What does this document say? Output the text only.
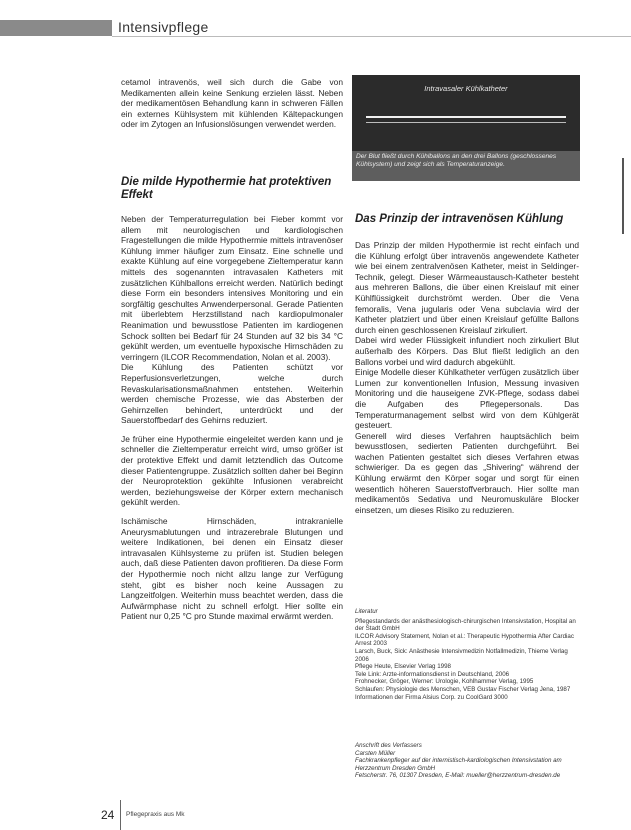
Intensivpflege

cetamol intravenös, weil sich durch die Gabe von Medikamenten allein keine Senkung erzielen lässt. Neben der medikamentösen Behandlung kann in schweren Fällen ein externes Kühlsystem mit kühlenden Kältepackungen oder im Zytogen an Infusionslösungen verwendet werden.

Die milde Hypothermie hat protektiven Effekt

Neben der Temperaturregulation bei Fieber kommt vor allem mit neurologischen und kardiologischen Fragestellungen die milde Hypothermie mittels intravenöser Kühlung immer häufiger zum Einsatz. Eine schnelle und exakte Kühlung auf eine vorgegebene Zieltemperatur kann mittels des sogenannten intravasalen Katheters mit zusätzlichen Kühlballons erreicht werden. Natürlich bedingt diese Form ein besonders intensives Monitoring und ein sorgfältig geschultes Anwenderpersonal. Gerade Patienten mit überlebtem Herzstillstand nach kardiopulmonaler Reanimation und bewusstlose Patienten im kardiogenen Schock sollten bei Bedarf für 24 Stunden auf 32 bis 34 °C gekühlt werden, um eventuelle hypoxische Hirnschäden zu verringern (ILCOR Recommendation, Nolan et al. 2003).

Die Kühlung des Patienten schützt vor Reperfusionsverletzungen, welche durch Revaskularisationsmaßnahmen entstehen. Weiterhin werden chemische Prozesse, wie das Absterben der Gehirnzellen behindert, unterdrückt und der Sauerstoffbedarf des Gehirns reduziert.

Je früher eine Hypothermie eingeleitet werden kann und je schneller die Zieltemperatur erreicht wird, umso größer ist der protektive Effekt und damit letztendlich das Outcome dieser Patientengruppe. Zusätzlich sollten daher bei Beginn der Neuroprotektion gekühlte Infusionen verabreicht werden, beziehungsweise der Körper extern mechanisch gekühlt werden.

Ischämische Hirnschäden, intrakranielle Aneurysmablutungen und intrazerebrale Blutungen und weitere Indikationen, bei denen ein Einsatz dieser intravasalen Kühlsysteme zu prüfen ist. Studien belegen auch, daß diese Patienten davon profitieren. Da diese Form der Hypothermie noch nicht allzu lange zur Verfügung steht, gibt es bisher noch keine Aussagen zu Langzeitfolgen. Weiterhin muss beachtet werden, dass die Aufwärmphase nicht zu schnell erfolgt. Hier sollte ein Patient nur 0,25 °C pro Stunde maximal erwärmt werden.

Intravasaler Kühlkatheter
Der Blut fließt durch Kühlballons an den drei Ballons (geschlossenes Kühlsystem) und zeigt sich als Temperaturanzeige.
Das Prinzip der intravenösen Kühlung

Das Prinzip der milden Hypothermie ist recht einfach und die Kühlung erfolgt über intravenös angewendete Katheter wie bei einem zentralvenösen Katheter, meist in Seldinger-Technik, gelegt. Dieser Wärmeaustausch-Katheter besteht aus mehreren Ballons, die über einen Kreislauf mit einer Kühlflüssigkeit durchströmt werden. Über die Vena femoralis, Vena jugularis oder Vena subclavia wird der Katheter platziert und über einen Kreislauf gefüllte Ballons durch einen geschlossenen Kreislauf zirkuliert.

Dabei wird weder Flüssigkeit infundiert noch zirkuliert Blut außerhalb des Körpers. Das Blut fließt lediglich an den Ballons vorbei und wird dadurch abgekühlt.

Einige Modelle dieser Kühlkatheter verfügen zusätzlich über Lumen zur konventionellen Infusion, Messung invasiven Monitoring und die hauseigene ZVK-Pflege, sodass dabei die Aufgaben des Pflegepersonals. Das Temperaturmanagement selbst wird von dem Kühlgerät gesteuert.

Generell wird dieses Verfahren hauptsächlich beim bewusstlosen, sedierten Patienten durchgeführt. Bei wachen Patienten gestaltet sich dieses Verfahren etwas schwieriger. Da es gegen das „Shivering“ während der Kühlung erwärmt den Körper sogar und sorgt für einen wesentlich höheren Sauerstoffverbrauch. Hier sollte man medikamentös Sedativa und Neuromuskuläre Blocker einsetzen, um dieses Risiko zu reduzieren.

Literatur

Pflegestandards der anästhesiologisch-chirurgischen Intensivstation, Hospital an der Stadt GmbH

ILCOR Advisory Statement, Nolan et al.: Therapeutic Hypothermia After Cardiac Arrest 2003

Larsch, Buck, Sick: Anästhesie Intensivmedizin Notfallmedizin, Thieme Verlag 2006

Pflege Heute, Elsevier Verlag 1998

Tele Link: Arzte-informationsdienst in Deutschland, 2006

Frohnecker, Gröger, Werner: Urologie, Kohlhammer Verlag, 1995

Schlaufen: Physiologie des Menschen, VEB Gustav Fischer Verlag Jena, 1987

Informationen der Firma Alsius Corp. zu CoolGard 3000

Anschrift des Verfassers
Carsten Müller
Fachkrankenpfleger auf der internistisch-kardiologischen Intensivstation am Herzzentrum Dresden GmbH
Fetscherstr. 76, 01307 Dresden, E-Mail: mueller@herzzentrum-dresden.de
24 Pflegepraxis aus Mk
